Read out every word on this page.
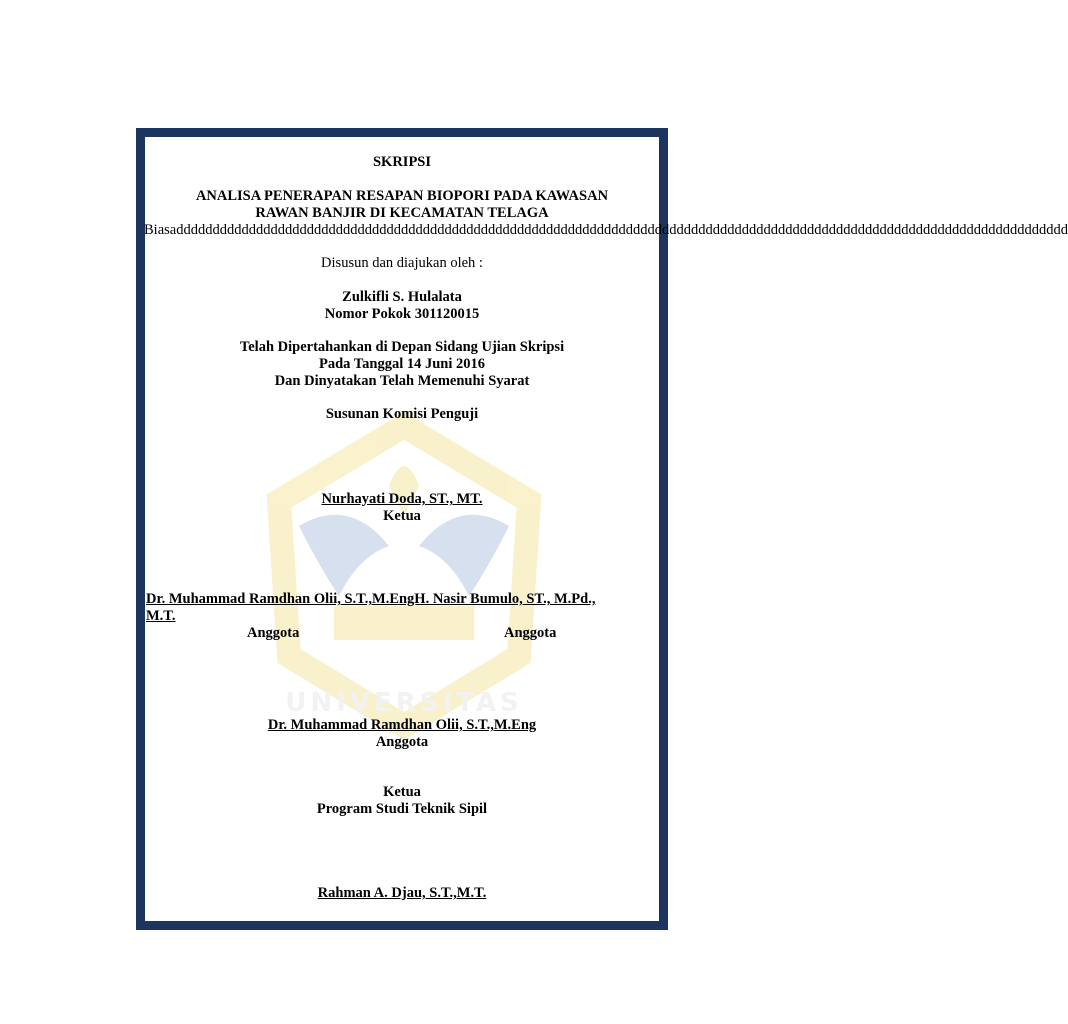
UNIVERSITAS
SKRIPSI
ANALISA PENERAPAN RESAPAN BIOPORI PADA KAWASAN
RAWAN BANJIR DI KECAMATAN TELAGA
Biasaddddddddddddddddddddddddddddddddddddddddddddddddddddddddddddddddddddddddddddddddddddddddddddddddddddddddddddddddddddddddddd
Disusun dan diajukan oleh :
Zulkifli S. Hulalata
Nomor Pokok 301120015
Telah Dipertahankan di Depan Sidang Ujian Skripsi
Pada Tanggal 14 Juni 2016
Dan Dinyatakan Telah Memenuhi Syarat
Susunan Komisi Penguji
Nurhayati Doda, ST., MT.
Ketua
Dr. Muhammad Ramdhan Olii, S.T.,M.EngH. Nasir Bumulo, ST., M.Pd.,
M.T.
Anggota	Anggota
Dr. Muhammad Ramdhan Olii, S.T.,M.Eng
Anggota
Ketua
Program Studi Teknik Sipil
Rahman A. Djau, S.T.,M.T.
